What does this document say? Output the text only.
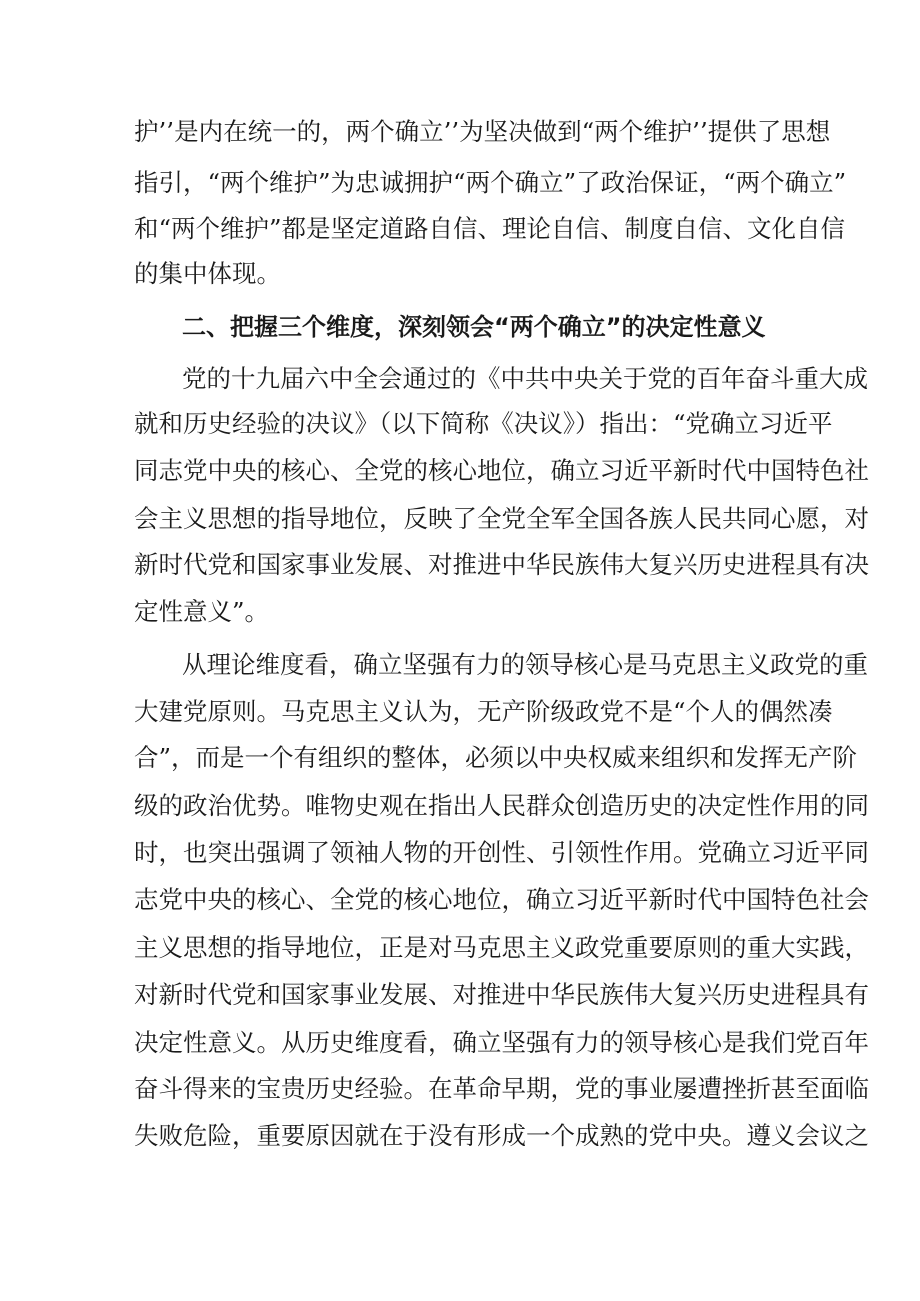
护’’是内在统一的，两个确立’’为坚决做到“两个维护’’提供了思想

指引，“两个维护”为忠诚拥护“两个确立”了政治保证，“两个确立”

和“两个维护”都是坚定道路自信、理论自信、制度自信、文化自信

的集中体现。

二、把握三个维度，深刻领会“两个确立”的决定性意义

党的十九届六中全会通过的《中共中央关于党的百年奋斗重大成

就和历史经验的决议》（以下简称《决议》）指出：“党确立习近平

同志党中央的核心、全党的核心地位，确立习近平新时代中国特色社

会主义思想的指导地位，反映了全党全军全国各族人民共同心愿，对

新时代党和国家事业发展、对推进中华民族伟大复兴历史进程具有决

定性意义”。

从理论维度看，确立坚强有力的领导核心是马克思主义政党的重

大建党原则。马克思主义认为，无产阶级政党不是“个人的偶然凑

合”，而是一个有组织的整体，必须以中央权威来组织和发挥无产阶

级的政治优势。唯物史观在指出人民群众创造历史的决定性作用的同

时，也突出强调了领袖人物的开创性、引领性作用。党确立习近平同

志党中央的核心、全党的核心地位，确立习近平新时代中国特色社会

主义思想的指导地位，正是对马克思主义政党重要原则的重大实践，

对新时代党和国家事业发展、对推进中华民族伟大复兴历史进程具有

决定性意义。从历史维度看，确立坚强有力的领导核心是我们党百年

奋斗得来的宝贵历史经验。在革命早期，党的事业屡遭挫折甚至面临

失败危险，重要原因就在于没有形成一个成熟的党中央。遵义会议之
